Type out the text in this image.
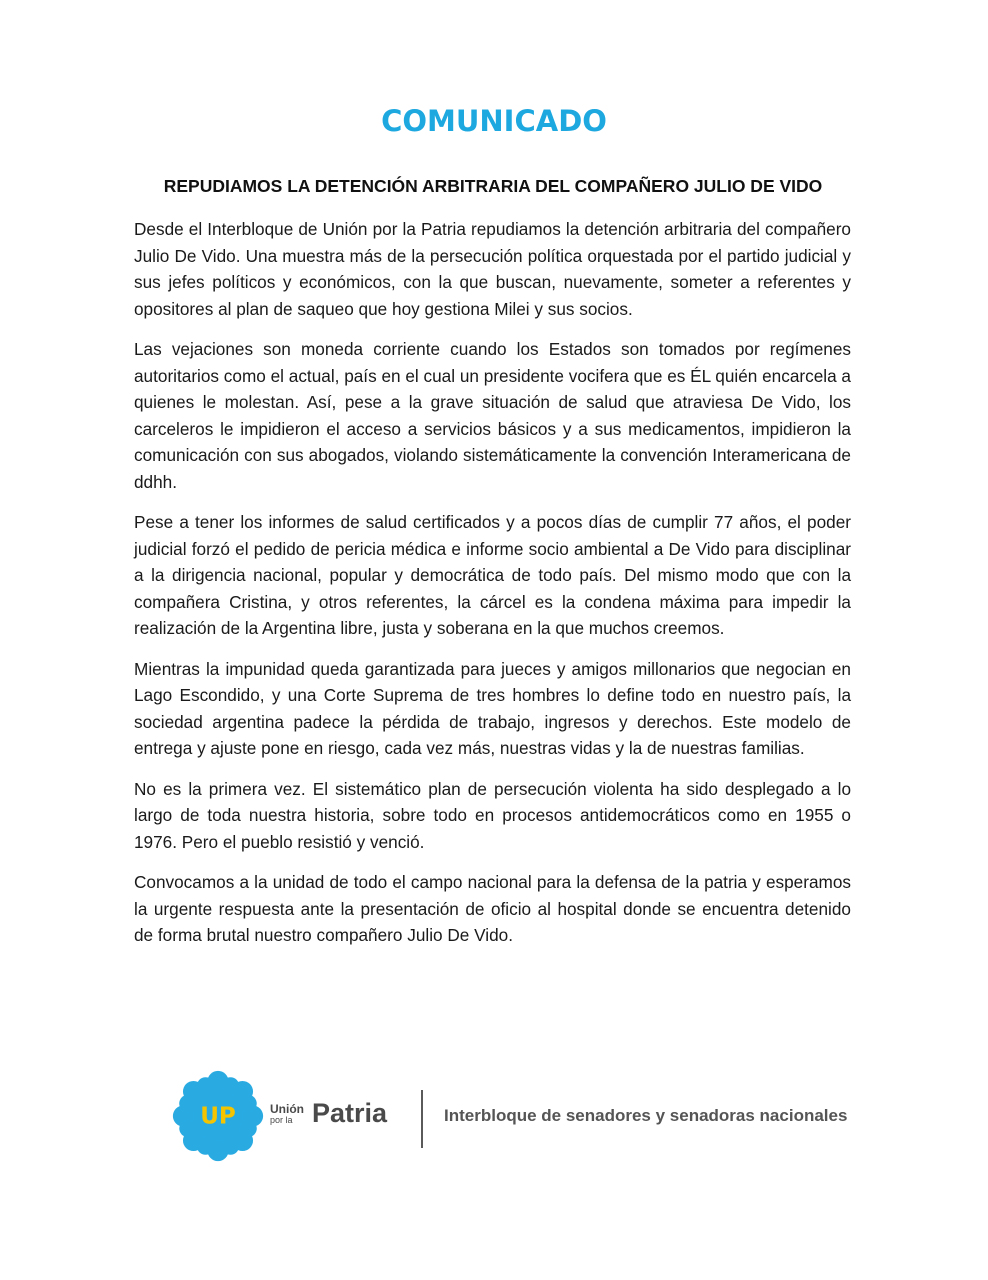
COMUNICADO
REPUDIAMOS LA DETENCIÓN ARBITRARIA DEL COMPAÑERO JULIO DE VIDO

Desde el Interbloque de Unión por la Patria repudiamos la detención arbitraria del compañero Julio De Vido. Una muestra más de la persecución política orquestada por el partido judicial y sus jefes políticos y económicos, con la que buscan, nuevamente, someter a referentes y opositores al plan de saqueo que hoy gestiona Milei y sus socios.

Las vejaciones son moneda corriente cuando los Estados son tomados por regímenes autoritarios como el actual, país en el cual un presidente vocifera que es ÉL quién encarcela a quienes le molestan. Así, pese a la grave situación de salud que atraviesa De Vido, los carceleros le impidieron el acceso a servicios básicos y a sus medicamentos, impidieron la comunicación con sus abogados, violando sistemáticamente la convención Interamericana de ddhh.

Pese a tener los informes de salud certificados y a pocos días de cumplir 77 años, el poder judicial forzó el pedido de pericia médica e informe socio ambiental a De Vido para disciplinar a la dirigencia nacional, popular y democrática de todo país. Del mismo modo que con la compañera Cristina, y otros referentes, la cárcel es la condena máxima para impedir la realización de la Argentina libre, justa y soberana en la que muchos creemos.

Mientras la impunidad queda garantizada para jueces y amigos millonarios que negocian en Lago Escondido, y una Corte Suprema de tres hombres lo define todo en nuestro país, la sociedad argentina padece la pérdida de trabajo, ingresos y derechos. Este modelo de entrega y ajuste pone en riesgo, cada vez más, nuestras vidas y la de nuestras familias.

No es la primera vez. El sistemático plan de persecución violenta ha sido desplegado a lo largo de toda nuestra historia, sobre todo en procesos antidemocráticos como en 1955 o 1976. Pero el pueblo resistió y venció.

Convocamos a la unidad de todo el campo nacional para la defensa de la patria y esperamos la urgente respuesta ante la presentación de oficio al hospital donde se encuentra detenido de forma brutal nuestro compañero Julio De Vido.

UP	Unión
por la Patria	Interbloque de senadores y senadoras nacionales
